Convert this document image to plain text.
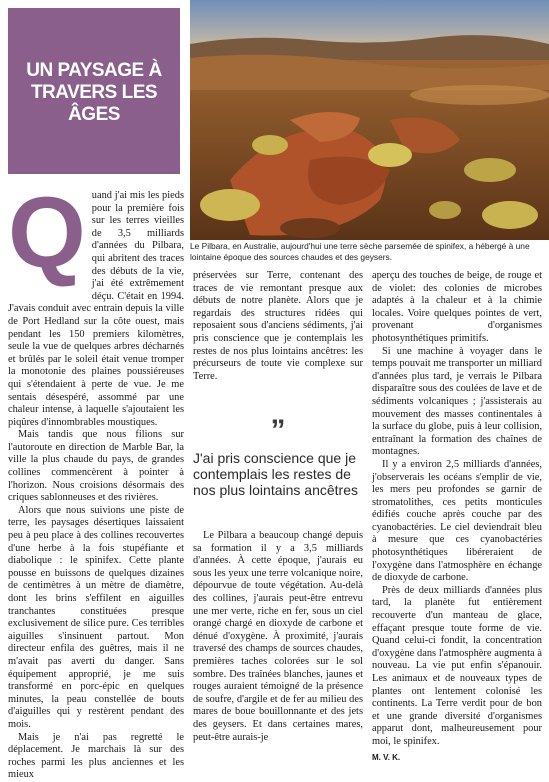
UN PAYSAGE À TRAVERS LES ÂGES
Le Pilbara, en Australie, aujourd'hui une terre sèche parsemée de spinifex, a hébergé à une lointaine époque des sources chaudes et des geysers.
Q uand j'ai mis les pieds pour la première fois sur les terres vieilles de 3,5 milliards d'années du Pilbara, qui abritent des traces des débuts de la vie, j'ai été extrêmement déçu. C'était en 1994. J'avais conduit avec entrain depuis la ville de Port Hedland sur la côte ouest, mais pendant les 150 premiers kilomètres, seule la vue de quelques arbres décharnés et brûlés par le soleil était venue tromper la monotonie des plaines poussiéreuses qui s'étendaient à perte de vue. Je me sentais désespéré, assommé par une chaleur intense, à laquelle s'ajoutaient les piqûres d'innombrables moustiques.

Mais tandis que nous filions sur l'autoroute en direction de Marble Bar, la ville la plus chaude du pays, de grandes collines commencèrent à pointer à l'horizon. Nous croisions désormais des criques sablonneuses et des rivières.

Alors que nous suivions une piste de terre, les paysages désertiques laissaient peu à peu place à des collines recouvertes d'une herbe à la fois stupéfiante et diabolique : le spinifex. Cette plante pousse en buissons de quelques dizaines de centimètres à un mètre de diamètre, dont les brins s'effilent en aiguilles tranchantes constituées presque exclusivement de silice pure. Ces terribles aiguilles s'insinuent partout. Mon directeur enfila des guêtres, mais il ne m'avait pas averti du danger. Sans équipement approprié, je me suis transformé en porc-épic en quelques minutes, la peau constellée de bouts d'aiguilles qui y restèrent pendant des mois.

Mais je n'ai pas regretté le déplacement. Je marchais là sur des roches parmi les plus anciennes et les mieux

préservées sur Terre, contenant des traces de vie remontant presque aux débuts de notre planète. Alors que je regardais des structures ridées qui reposaient sous d'anciens sédiments, j'ai pris conscience que je contemplais les restes de nos plus lointains ancêtres: les précurseurs de toute vie complexe sur Terre.

”
J'ai pris conscience que je contemplais les restes de nos plus lointains ancêtres

Le Pilbara a beaucoup changé depuis sa formation il y a 3,5 milliards d'années. À cette époque, j'aurais eu sous les yeux une terre volcanique noire, dépourvue de toute végétation. Au-delà des collines, j'aurais peut-être entrevu une mer verte, riche en fer, sous un ciel orangé chargé en dioxyde de carbone et dénué d'oxygène. À proximité, j'aurais traversé des champs de sources chaudes, premières taches colorées sur le sol sombre. Des traînées blanches, jaunes et rouges auraient témoigné de la présence de soufre, d'argile et de fer au milieu des mares de boue bouillonnante et des jets des geysers. Et dans certaines mares, peut-être aurais-je

aperçu des touches de beige, de rouge et de violet: des colonies de microbes adaptés à la chaleur et à la chimie locales. Voire quelques pointes de vert, provenant d'organismes photosynthétiques primitifs.

Si une machine à voyager dans le temps pouvait me transporter un milliard d'années plus tard, je verrais le Pilbara disparaître sous des coulées de lave et de sédiments volcaniques ; j'assisterais au mouvement des masses continentales à la surface du globe, puis à leur collision, entraînant la formation des chaînes de montagnes.

Il y a environ 2,5 milliards d'années, j'observerais les océans s'emplir de vie, les mers peu profondes se garnir de stromatolithes, ces petits monticules édifiés couche après couche par des cyanobactéries. Le ciel deviendrait bleu à mesure que ces cyanobactéries photosynthétiques libéreraient de l'oxygène dans l'atmosphère en échange de dioxyde de carbone.

Près de deux milliards d'années plus tard, la planète fut entièrement recouverte d'un manteau de glace, effaçant presque toute forme de vie. Quand celui-ci fondit, la concentration d'oxygène dans l'atmosphère augmenta à nouveau. La vie put enfin s'épanouir. Les animaux et de nouveaux types de plantes ont lentement colonisé les continents. La Terre verdit pour de bon et une grande diversité d'organismes apparut dont, malheureusement pour moi, le spinifex.

M. V. K.
